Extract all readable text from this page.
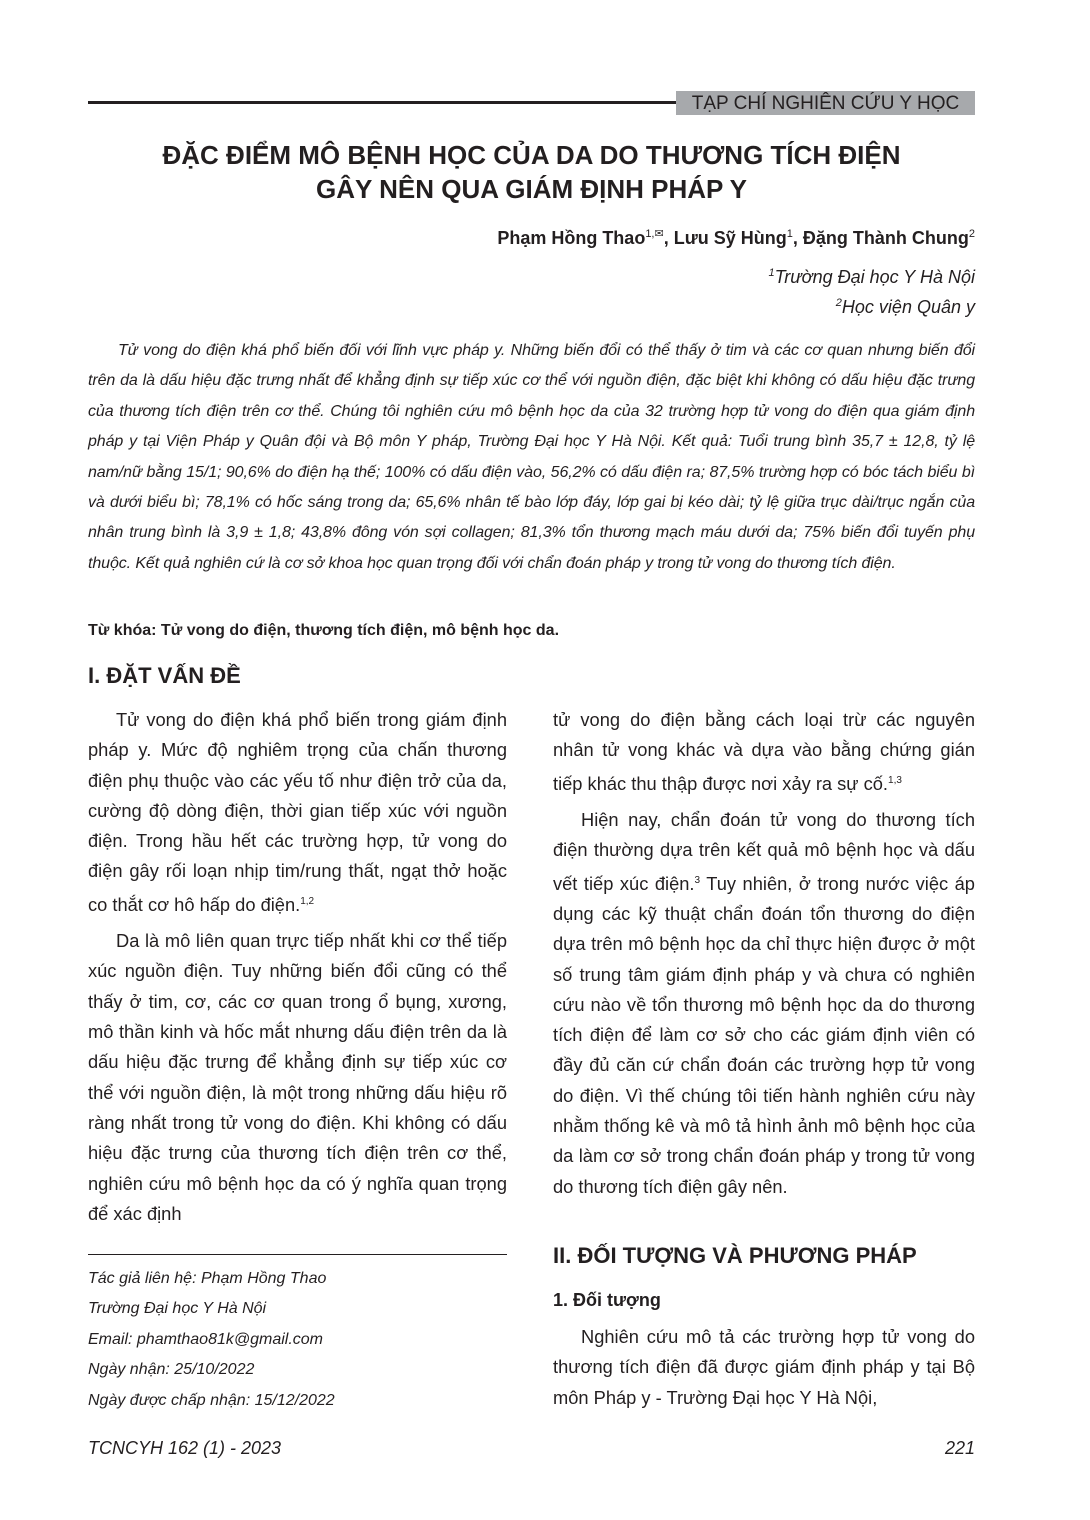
TẠP CHÍ NGHIÊN CỨU Y HỌC
ĐẶC ĐIỂM MÔ BỆNH HỌC CỦA DA DO THƯƠNG TÍCH ĐIỆN
GÂY NÊN QUA GIÁM ĐỊNH PHÁP Y
Phạm Hồng Thao$^{1,✉}$, Lưu Sỹ Hùng$^1$, Đặng Thành Chung$^2$
$^1$Trường Đại học Y Hà Nội
$^2$Học viện Quân y
Tử vong do điện khá phổ biến đối với lĩnh vực pháp y. Những biến đổi có thể thấy ở tim và các cơ quan nhưng biến đổi trên da là dấu hiệu đặc trưng nhất để khẳng định sự tiếp xúc cơ thể với nguồn điện, đặc biệt khi không có dấu hiệu đặc trưng của thương tích điện trên cơ thể. Chúng tôi nghiên cứu mô bệnh học da của 32 trường hợp tử vong do điện qua giám định pháp y tại Viện Pháp y Quân đội và Bộ môn Y pháp, Trường Đại học Y Hà Nội. Kết quả: Tuổi trung bình 35,7 ± 12,8, tỷ lệ nam/nữ bằng 15/1; 90,6% do điện hạ thế; 100% có dấu điện vào, 56,2% có dấu điện ra; 87,5% trường hợp có bóc tách biểu bì và dưới biểu bì; 78,1% có hốc sáng trong da; 65,6% nhân tế bào lớp đáy, lớp gai bị kéo dài; tỷ lệ giữa trục dài/trục ngắn của nhân trung bình là 3,9 ± 1,8; 43,8% đông vón sợi collagen; 81,3% tổn thương mạch máu dưới da; 75% biến đổi tuyến phụ thuộc. Kết quả nghiên cứ là cơ sở khoa học quan trọng đối với chẩn đoán pháp y trong tử vong do thương tích điện.
Từ khóa: Tử vong do điện, thương tích điện, mô bệnh học da.
I. ĐẶT VẤN ĐỀ

Tử vong do điện khá phổ biến trong giám định pháp y. Mức độ nghiêm trọng của chấn thương điện phụ thuộc vào các yếu tố như điện trở của da, cường độ dòng điện, thời gian tiếp xúc với nguồn điện. Trong hầu hết các trường hợp, tử vong do điện gây rối loạn nhịp tim/rung thất, ngạt thở hoặc co thắt cơ hô hấp do điện.$^{1,2}$

Da là mô liên quan trực tiếp nhất khi cơ thể tiếp xúc nguồn điện. Tuy những biến đổi cũng có thể thấy ở tim, cơ, các cơ quan trong ổ bụng, xương, mô thần kinh và hốc mắt nhưng dấu điện trên da là dấu hiệu đặc trưng để khẳng định sự tiếp xúc cơ thể với nguồn điện, là một trong những dấu hiệu rõ ràng nhất trong tử vong do điện. Khi không có dấu hiệu đặc trưng của thương tích điện trên cơ thể, nghiên cứu mô bệnh học da có ý nghĩa quan trọng để xác định

Tác giả liên hệ: Phạm Hồng Thao
Trường Đại học Y Hà Nội
Email: phamthao81k@gmail.com
Ngày nhận: 25/10/2022
Ngày được chấp nhận: 15/12/2022

tử vong do điện bằng cách loại trừ các nguyên nhân tử vong khác và dựa vào bằng chứng gián tiếp khác thu thập được nơi xảy ra sự cố.$^{1,3}$

Hiện nay, chẩn đoán tử vong do thương tích điện thường dựa trên kết quả mô bệnh học và dấu vết tiếp xúc điện.$^3$ Tuy nhiên, ở trong nước việc áp dụng các kỹ thuật chẩn đoán tổn thương do điện dựa trên mô bệnh học da chỉ thực hiện được ở một số trung tâm giám định pháp y và chưa có nghiên cứu nào về tổn thương mô bệnh học da do thương tích điện để làm cơ sở cho các giám định viên có đầy đủ căn cứ chẩn đoán các trường hợp tử vong do điện. Vì thế chúng tôi tiến hành nghiên cứu này nhằm thống kê và mô tả hình ảnh mô bệnh học của da làm cơ sở trong chẩn đoán pháp y trong tử vong do thương tích điện gây nên.

II. ĐỐI TƯỢNG VÀ PHƯƠNG PHÁP
1. Đối tượng

Nghiên cứu mô tả các trường hợp tử vong do thương tích điện đã được giám định pháp y tại Bộ môn Pháp y - Trường Đại học Y Hà Nội,

TCNCYH 162 (1) - 2023	221
